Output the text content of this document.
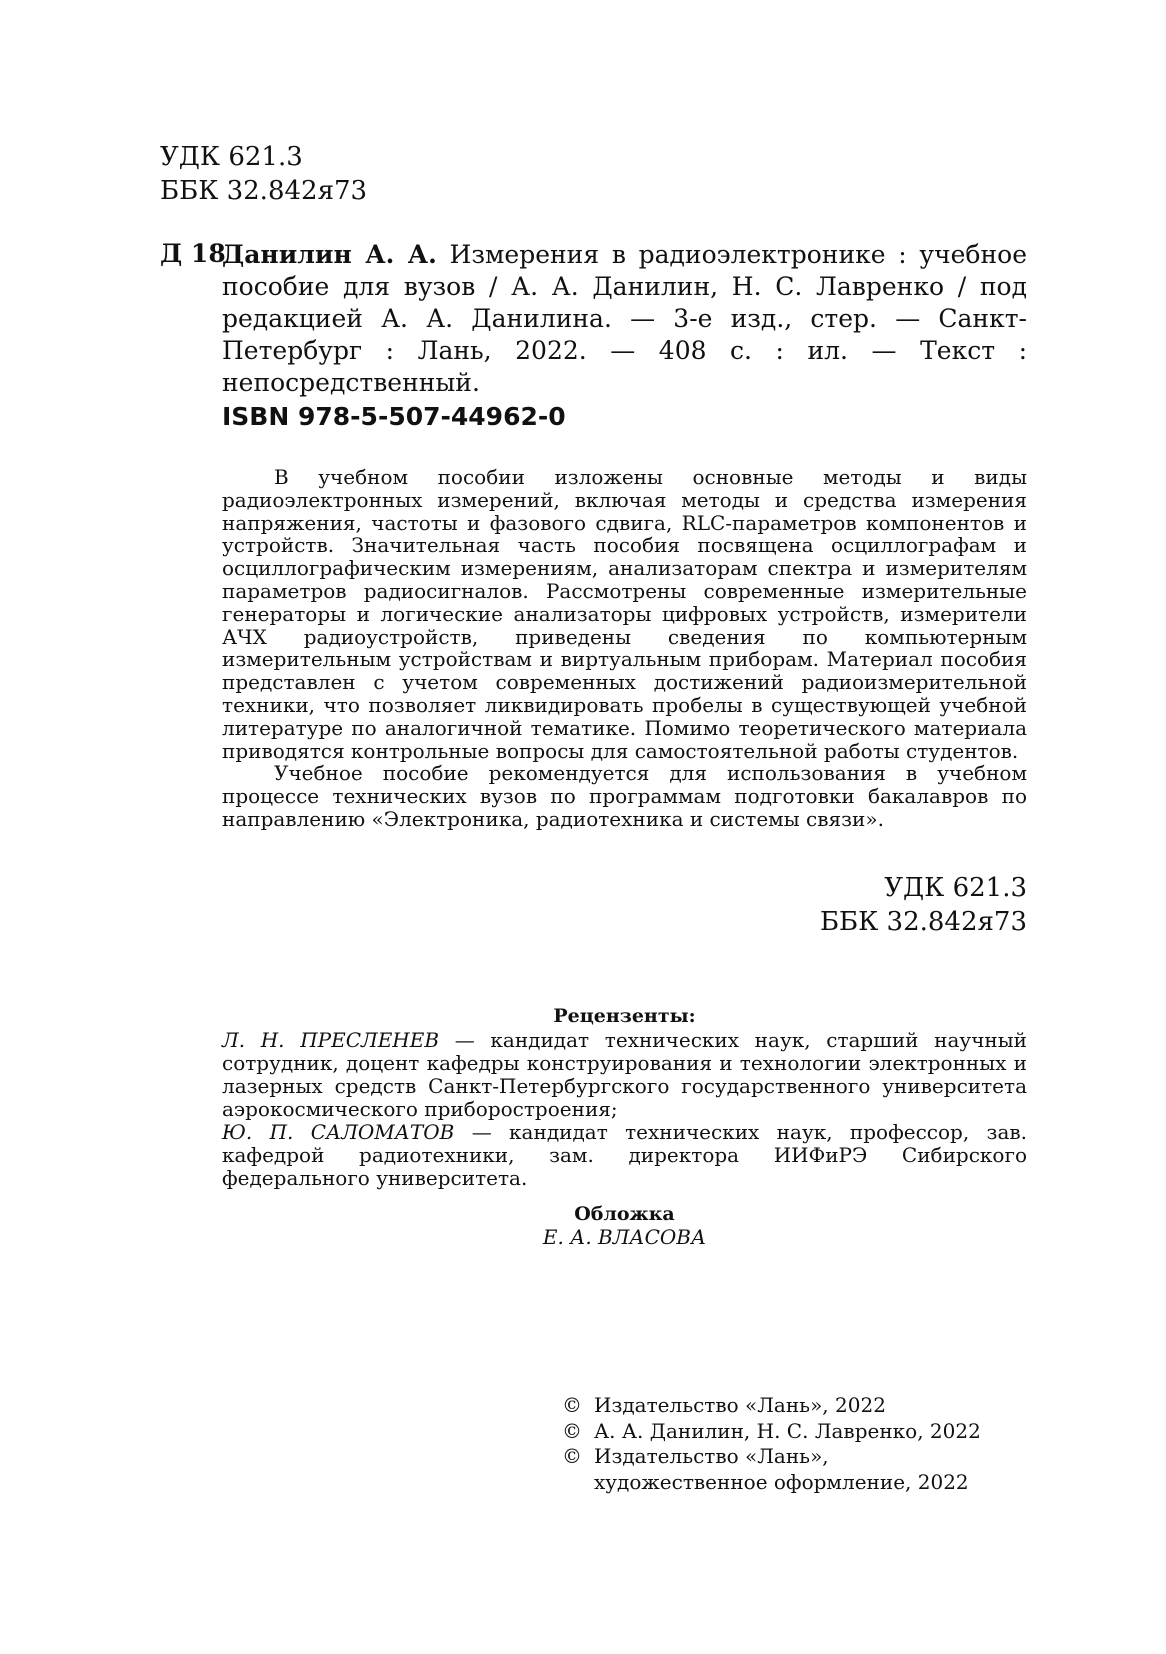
УДК 621.3
ББК 32.842я73
Д 18
Данилин А. А. Измерения в радиоэлектронике : учебное пособие для вузов / А. А. Данилин, Н. С. Лавренко / под редакцией А. А. Данилина. — 3-е изд., стер. — Санкт-Петербург : Лань, 2022. — 408 с. : ил. — Текст : непосредственный.
ISBN 978-5-507-44962-0

В учебном пособии изложены основные методы и виды радиоэлектронных измерений, включая методы и средства измерения напряжения, частоты и фазового сдвига, RLC-параметров компонентов и устройств. Значительная часть пособия посвящена осциллографам и осциллографическим измерениям, анализаторам спектра и измерителям параметров радиосигналов. Рассмотрены современные измерительные генераторы и логические анализаторы цифровых устройств, измерители АЧХ радиоустройств, приведены сведения по компьютерным измерительным устройствам и виртуальным приборам. Материал пособия представлен с учетом современных достижений радиоизмерительной техники, что позволяет ликвидировать пробелы в существующей учебной литературе по аналогичной тематике. Помимо теоретического материала приводятся контрольные вопросы для самостоятельной работы студентов.

Учебное пособие рекомендуется для использования в учебном процессе технических вузов по программам подготовки бакалавров по направлению «Электроника, радиотехника и системы связи».

УДК 621.3
ББК 32.842я73
Рецензенты:

Л. Н. ПРЕСЛЕНЕВ — кандидат технических наук, старший научный сотрудник, доцент кафедры конструирования и технологии электронных и лазерных средств Санкт-Петербургского государственного университета аэрокосмического приборостроения;

Ю. П. САЛОМАТОВ — кандидат технических наук, профессор, зав. кафедрой радиотехники, зам. директора ИИФиРЭ Сибирского федерального университета.

Обложка
Е. А. ВЛАСОВА
© Издательство «Лань», 2022
© А. А. Данилин, Н. С. Лавренко, 2022
© Издательство «Лань»,
художественное оформление, 2022
